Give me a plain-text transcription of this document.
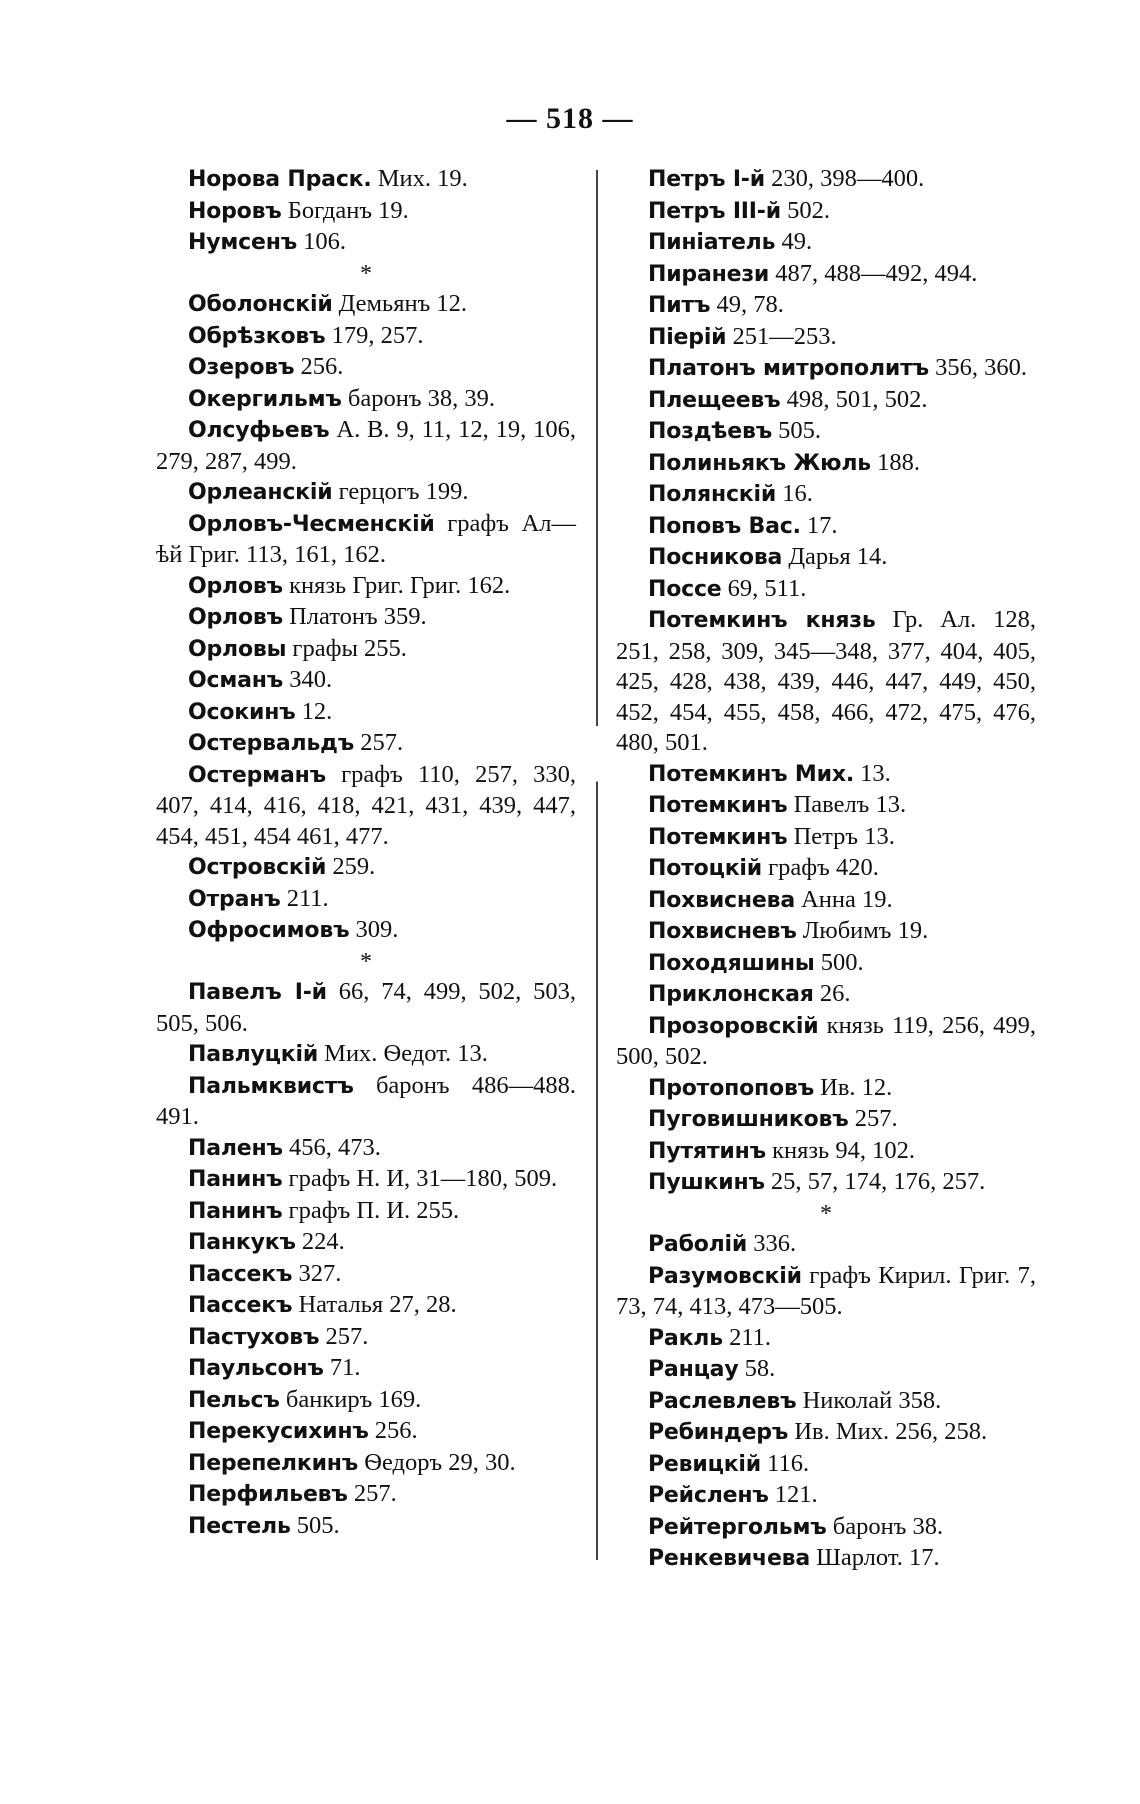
— 518 —
Норова Праск. Мих. 19.
Норовъ Богданъ 19.
Нумсенъ 106.
*
Оболонскій Демьянъ 12.
Обрѣзковъ 179, 257.
Озеровъ 256.
Окергильмъ баронъ 38, 39.
Олсуфьевъ А. В. 9, 11, 12, 19, 106, 279, 287, 499.
Орлеанскій герцогъ 199.
Орловъ-Чесменскій графъ Ал—ѣй Григ. 113, 161, 162.
Орловъ князь Григ. Григ. 162.
Орловъ Платонъ 359.
Орловы графы 255.
Османъ 340.
Осокинъ 12.
Остервальдъ 257.
Остерманъ графъ 110, 257, 330, 407, 414, 416, 418, 421, 431, 439, 447, 454, 451, 454 461, 477.
Островскій 259.
Отранъ 211.
Офросимовъ 309.
*
Павелъ I-й 66, 74, 499, 502, 503, 505, 506.
Павлуцкій Мих. Ѳедот. 13.
Пальмквистъ баронъ 486—488. 491.
Паленъ 456, 473.
Панинъ графъ Н. И, 31—180, 509.
Панинъ графъ П. И. 255.
Панкукъ 224.
Пассекъ 327.
Пассекъ Наталья 27, 28.
Пастуховъ 257.
Паульсонъ 71.
Пельсъ банкиръ 169.
Перекусихинъ 256.
Перепелкинъ Ѳедоръ 29, 30.
Перфильевъ 257.
Пестель 505.
Петръ I-й 230, 398—400.
Петръ III-й 502.
Пиніатель 49.
Пиранези 487, 488—492, 494.
Питъ 49, 78.
Піерій 251—253.
Платонъ митрополитъ 356, 360.
Плещеевъ 498, 501, 502.
Поздѣевъ 505.
Полиньякъ Жюль 188.
Полянскій 16.
Поповъ Вас. 17.
Посникова Дарья 14.
Поссе 69, 511.
Потемкинъ князь Гр. Ал. 128, 251, 258, 309, 345—348, 377, 404, 405, 425, 428, 438, 439, 446, 447, 449, 450, 452, 454, 455, 458, 466, 472, 475, 476, 480, 501.
Потемкинъ Мих. 13.
Потемкинъ Павелъ 13.
Потемкинъ Петръ 13.
Потоцкій графъ 420.
Похвиснева Анна 19.
Похвисневъ Любимъ 19.
Походяшины 500.
Приклонская 26.
Прозоровскій князь 119, 256, 499, 500, 502.
Протопоповъ Ив. 12.
Пуговишниковъ 257.
Путятинъ князь 94, 102.
Пушкинъ 25, 57, 174, 176, 257.
*
Раболій 336.
Разумовскій графъ Кирил. Григ. 7, 73, 74, 413, 473—505.
Ракль 211.
Ранцау 58.
Раслевлевъ Николай 358.
Ребиндеръ Ив. Мих. 256, 258.
Ревицкій 116.
Рейсленъ 121.
Рейтергольмъ баронъ 38.
Ренкевичева Шарлот. 17.
